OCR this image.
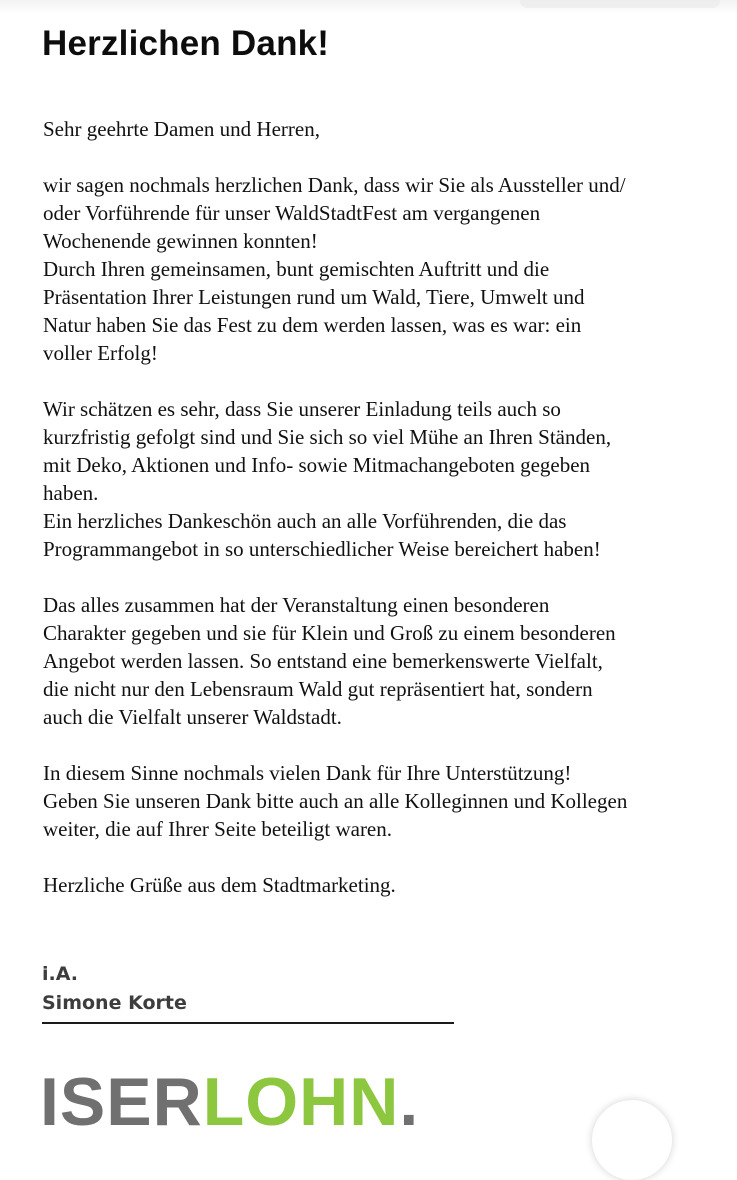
Herzlichen Dank!

Sehr geehrte Damen und Herren,

wir sagen nochmals herzlichen Dank, dass wir Sie als Aussteller und/
oder Vorführende für unser WaldStadtFest am vergangenen
Wochenende gewinnen konnten!
Durch Ihren gemeinsamen, bunt gemischten Auftritt und die
Präsentation Ihrer Leistungen rund um Wald, Tiere, Umwelt und
Natur haben Sie das Fest zu dem werden lassen, was es war: ein
voller Erfolg!

Wir schätzen es sehr, dass Sie unserer Einladung teils auch so
kurzfristig gefolgt sind und Sie sich so viel Mühe an Ihren Ständen,
mit Deko, Aktionen und Info- sowie Mitmachangeboten gegeben
haben.
Ein herzliches Dankeschön auch an alle Vorführenden, die das
Programmangebot in so unterschiedlicher Weise bereichert haben!

Das alles zusammen hat der Veranstaltung einen besonderen
Charakter gegeben und sie für Klein und Groß zu einem besonderen
Angebot werden lassen. So entstand eine bemerkenswerte Vielfalt,
die nicht nur den Lebensraum Wald gut repräsentiert hat, sondern
auch die Vielfalt unserer Waldstadt.

In diesem Sinne nochmals vielen Dank für Ihre Unterstützung!
Geben Sie unseren Dank bitte auch an alle Kolleginnen und Kollegen
weiter, die auf Ihrer Seite beteiligt waren.

Herzliche Grüße aus dem Stadtmarketing.

i.A.
Simone Korte
ISERLOHN.
